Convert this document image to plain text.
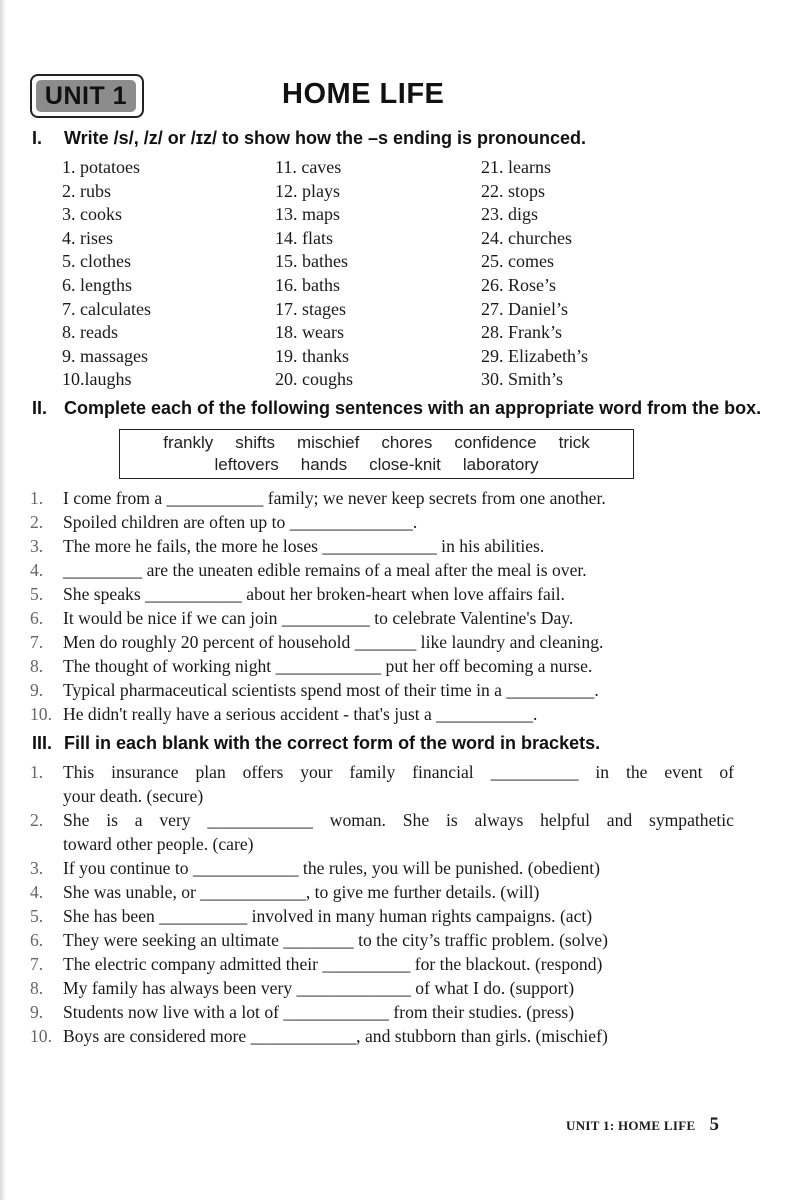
UNIT 1	HOME LIFE
I. Write /s/, /z/ or /ɪz/ to show how the –s ending is pronounced.
1. potatoes
2. rubs
3. cooks
4. rises
5. clothes
6. lengths
7. calculates
8. reads
9. massages
10.laughs
11. caves
12. plays
13. maps
14. flats
15. bathes
16. baths
17. stages
18. wears
19. thanks
20. coughs
21. learns
22. stops
23. digs
24. churches
25. comes
26. Rose’s
27. Daniel’s
28. Frank’s
29. Elizabeth’s
30. Smith’s
II. Complete each of the following sentences with an appropriate word from the box.
frankly shifts mischief chores confidence trick
leftovers hands close-knit laboratory
1.	I come from a ___________ family; we never keep secrets from one another.
2.	Spoiled children are often up to ______________.
3.	The more he fails, the more he loses _____________ in his abilities.
4.	_________ are the uneaten edible remains of a meal after the meal is over.
5.	She speaks ___________ about her broken-heart when love affairs fail.
6.	It would be nice if we can join __________ to celebrate Valentine's Day.
7.	Men do roughly 20 percent of household _______ like laundry and cleaning.
8.	The thought of working night ____________ put her off becoming a nurse.
9.	Typical pharmaceutical scientists spend most of their time in a __________.
10. He didn't really have a serious accident - that's just a ___________.
III. Fill in each blank with the correct form of the word in brackets.
1.	This insurance plan offers your family financial __________ in the event of
your death. (secure)
2.	She is a very ____________ woman. She is always helpful and sympathetic
toward other people. (care)
3.	If you continue to ____________ the rules, you will be punished. (obedient)
4.	She was unable, or ____________, to give me further details. (will)
5.	She has been __________ involved in many human rights campaigns. (act)
6.	They were seeking an ultimate ________ to the city’s traffic problem. (solve)
7.	The electric company admitted their __________ for the blackout. (respond)
8.	My family has always been very _____________ of what I do. (support)
9.	Students now live with a lot of ____________ from their studies. (press)
10. Boys are considered more ____________, and stubborn than girls. (mischief)
UNIT 1: HOME LIFE 5
